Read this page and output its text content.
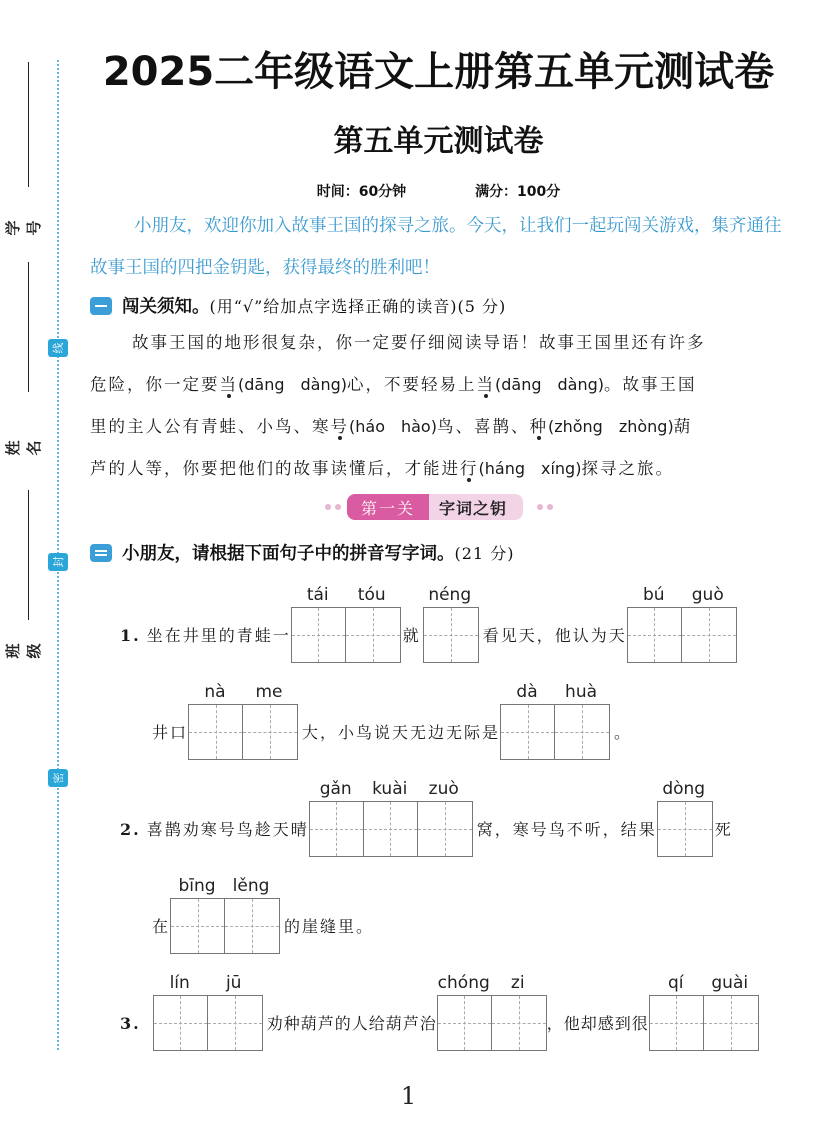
学号
姓名
班级
线
封
密
2025二年级语文上册第五单元测试卷
第五单元测试卷
时间：60分钟	满分：100分
小朋友，欢迎你加入故事王国的探寻之旅。今天，让我们一起玩闯关游戏，集齐通往故事王国的四把金钥匙，获得最终的胜利吧！
闯关须知。 (用“√”给加点字选择正确的读音)(5 分)

故事王国的地形很复杂，你一定要仔细阅读导语！故事王国里还有许多

危险，你一定要当(dāng　dàng)心，不要轻易上当(dāng　dàng)。故事王国

里的主人公有青蛙、小鸟、寒号(háo　hào)鸟、喜鹊、种(zhǒng　zhòng)葫

芦的人等，你要把他们的故事读懂后，才能进行(háng　xíng)探寻之旅。

第一关	字词之钥
小朋友，请根据下面句子中的拼音写字词。 (21 分)
1. 坐在井里的青蛙一
tái	tóu
就
néng
看见天，他认为天
bú	guò
井口
nà	me
大，小鸟说天无边无际是
dà	huà
。
2. 喜鹊劝寒号鸟趁天晴
gǎn	kuài	zuò
窝，寒号鸟不听，结果
dòng
死
在
bīng	lěng
的崖缝里。
3.
lín	jū
劝种葫芦的人给葫芦治
chóng	zi
，他却感到很
qí	guài
1
